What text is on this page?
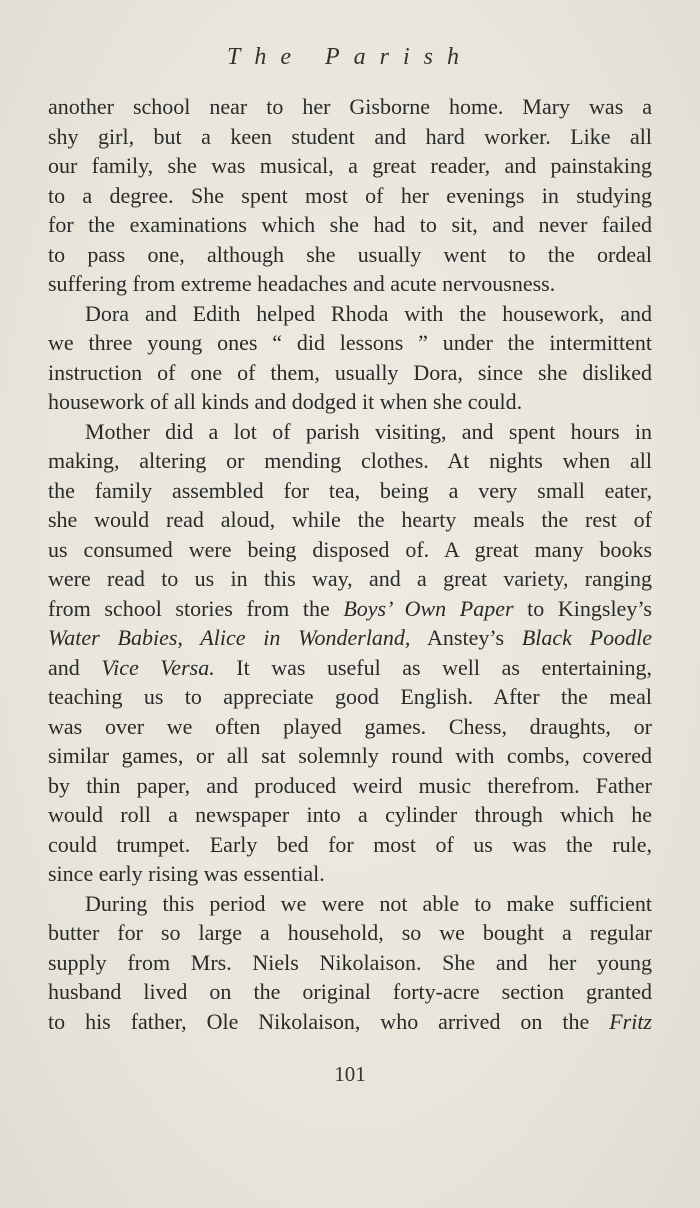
The Parish
another school near to her Gisborne home. Mary was a
shy girl, but a keen student and hard worker. Like all
our family, she was musical, a great reader, and painstaking
to a degree. She spent most of her evenings in studying
for the examinations which she had to sit, and never failed
to pass one, although she usually went to the ordeal
suffering from extreme headaches and acute nervousness.
Dora and Edith helped Rhoda with the housework, and
we three young ones “ did lessons ” under the intermittent
instruction of one of them, usually Dora, since she disliked
housework of all kinds and dodged it when she could.
Mother did a lot of parish visiting, and spent hours in
making, altering or mending clothes. At nights when all
the family assembled for tea, being a very small eater,
she would read aloud, while the hearty meals the rest of
us consumed were being disposed of. A great many books
were read to us in this way, and a great variety, ranging
from school stories from the Boys’ Own Paper to Kingsley’s
Water Babies, Alice in Wonderland, Anstey’s Black Poodle
and Vice Versa. It was useful as well as entertaining,
teaching us to appreciate good English. After the meal
was over we often played games. Chess, draughts, or
similar games, or all sat solemnly round with combs, covered
by thin paper, and produced weird music therefrom. Father
would roll a newspaper into a cylinder through which he
could trumpet. Early bed for most of us was the rule,
since early rising was essential.
During this period we were not able to make sufficient
butter for so large a household, so we bought a regular
supply from Mrs. Niels Nikolaison. She and her young
husband lived on the original forty-acre section granted
to his father, Ole Nikolaison, who arrived on the Fritz
101
